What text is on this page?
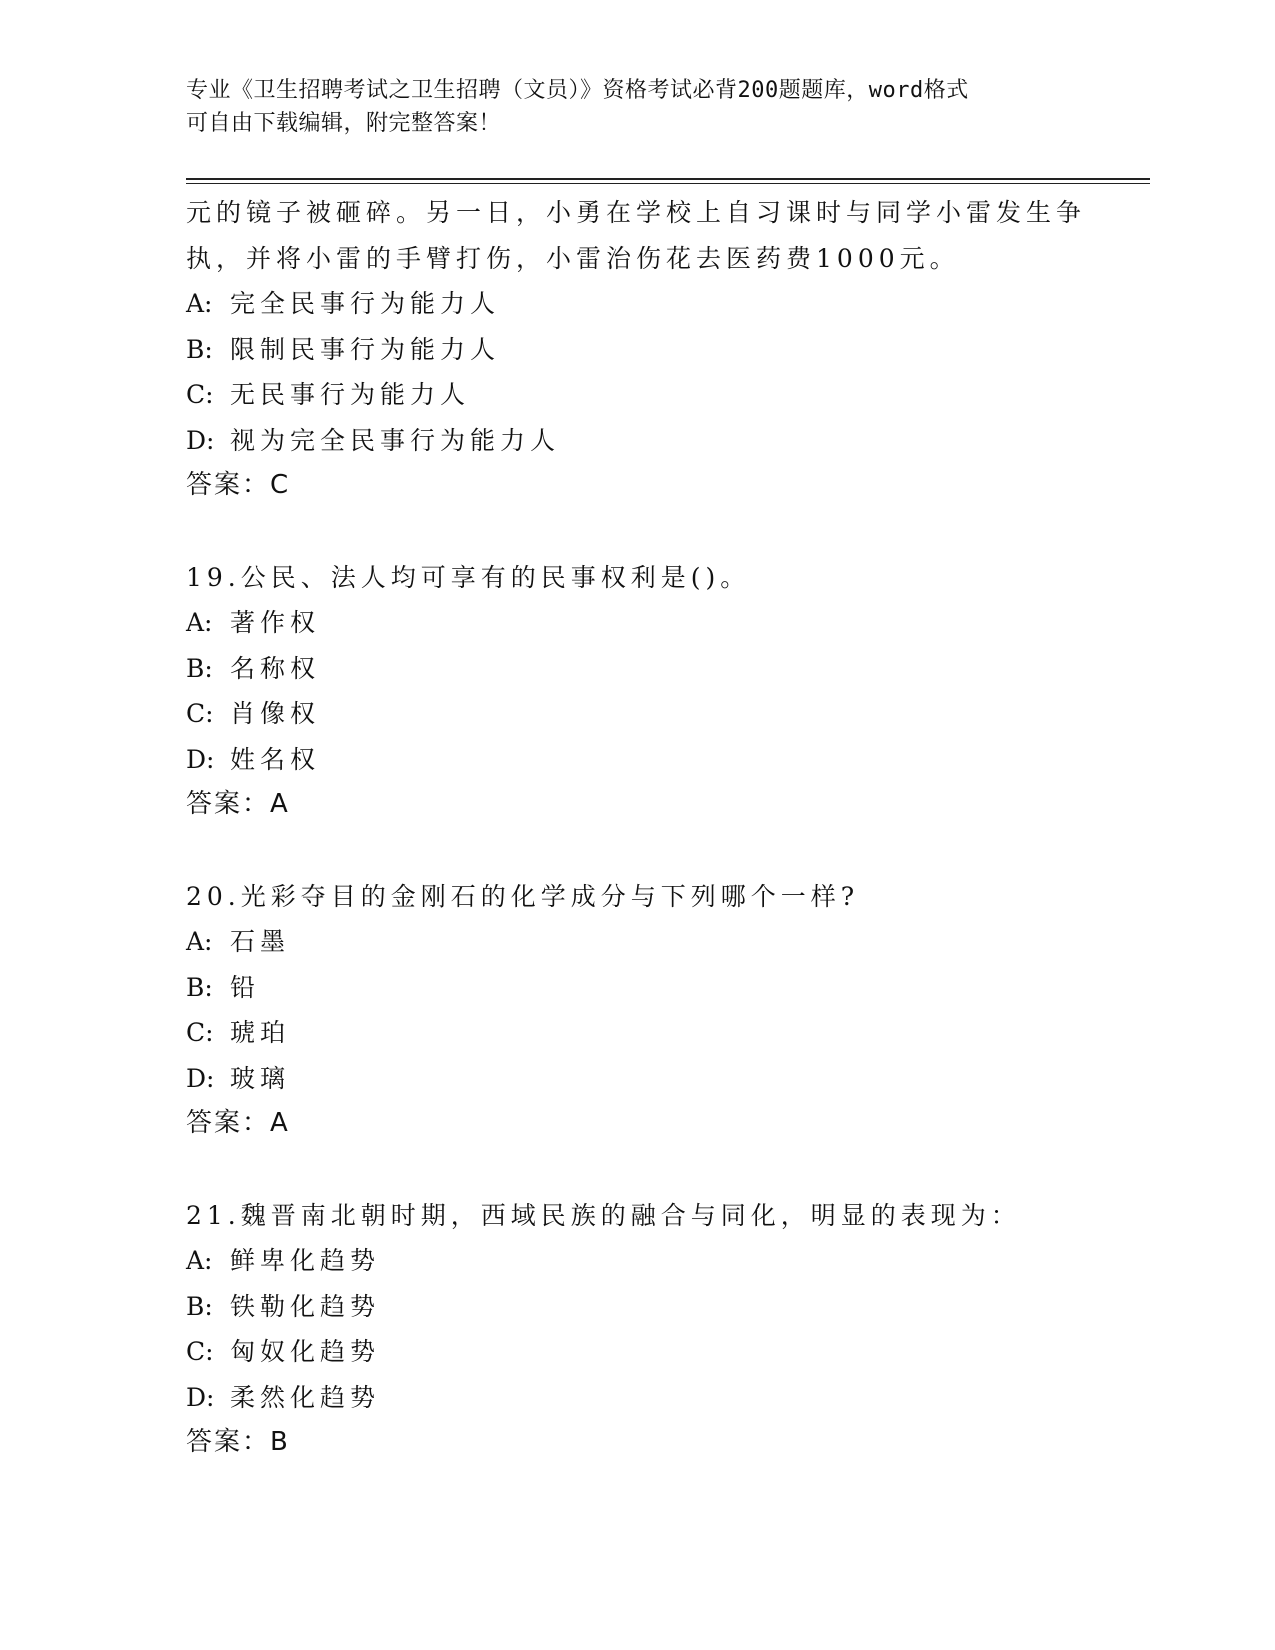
专业《卫生招聘考试之卫生招聘（文员）》资格考试必背200题题库，word格式
可自由下载编辑，附完整答案！
元的镜子被砸碎。另一日，小勇在学校上自习课时与同学小雷发生争
执，并将小雷的手臂打伤，小雷治伤花去医药费1000元。
A: 完全民事行为能力人
B: 限制民事行为能力人
C: 无民事行为能力人
D: 视为完全民事行为能力人
答案：C
19.公民、法人均可享有的民事权利是()。
A: 著作权
B: 名称权
C: 肖像权
D: 姓名权
答案：A
20.光彩夺目的金刚石的化学成分与下列哪个一样?
A: 石墨
B: 铅
C: 琥珀
D: 玻璃
答案：A
21.魏晋南北朝时期，西域民族的融合与同化，明显的表现为：
A: 鲜卑化趋势
B: 铁勒化趋势
C: 匈奴化趋势
D: 柔然化趋势
答案：B
